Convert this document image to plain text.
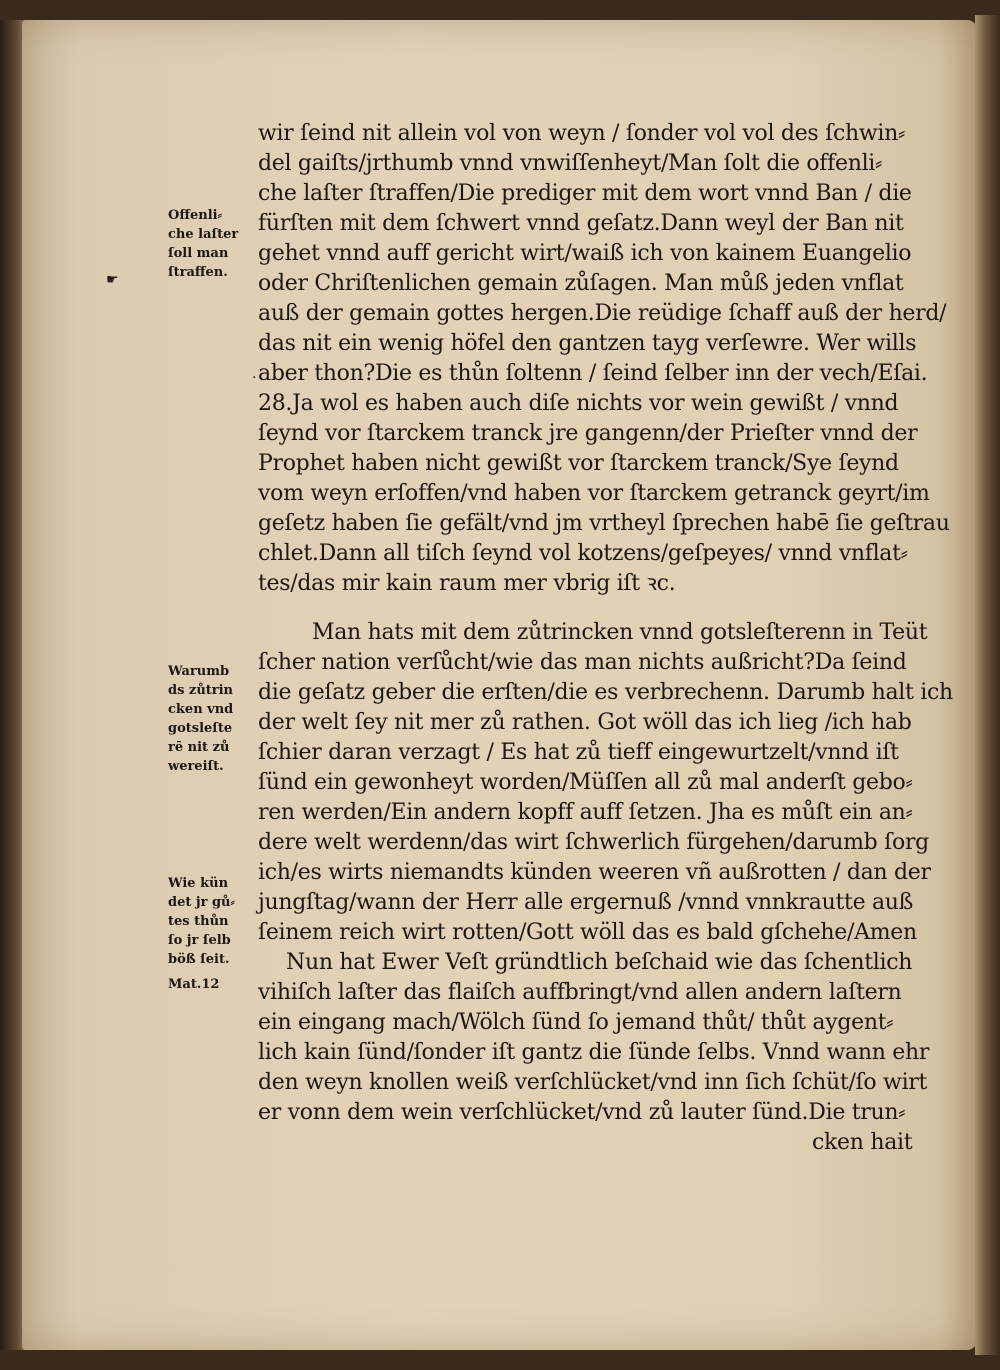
wir ſeind nit allein vol von weyn / ſonder vol vol des ſchwin⸗
del gaiſts/jrthumb vnnd vnwiſſenheyt/Man ſolt die offenli⸗
che laſter ſtraffen/Die prediger mit dem wort vnnd Ban / die
fürſten mit dem ſchwert vnnd geſatz.Dann weyl der Ban nit
gehet vnnd auff gericht wirt/waiß ich von kainem Euangelio
oder Chriſtenlichen gemain zůſagen. Man můß jeden vnflat
auß der gemain gottes hergen.Die reüdige ſchaff auß der herd/
das nit ein wenig höfel den gantzen tayg verſewre. Wer wills
aber thon?Die es thůn ſoltenn / ſeind ſelber inn der vech/Eſai.
28.Ja wol es haben auch diſe nichts vor wein gewißt / vnnd
ſeynd vor ſtarckem tranck jre gangenn/der Prieſter vnnd der
Prophet haben nicht gewißt vor ſtarckem tranck/Sye ſeynd
vom weyn erſoffen/vnd haben vor ſtarckem getranck geyrt/im
geſetz haben ſie gefält/vnd jm vrtheyl ſprechen habē ſie geſtrau
chlet.Dann all tiſch ſeynd vol kotzens/geſpeyes/ vnnd vnflat⸗
tes/das mir kain raum mer vbrig iſt ꝛc.
Man hats mit dem zůtrincken vnnd gotsleſterenn in Teüt
ſcher nation verſůcht/wie das man nichts außricht?Da ſeind
die geſatz geber die erſten/die es verbrechenn. Darumb halt ich
der welt ſey nit mer zů rathen. Got wöll das ich lieg /ich hab
ſchier daran verzagt / Es hat zů tieff eingewurtzelt/vnnd iſt
ſünd ein gewonheyt worden/Müſſen all zů mal anderſt gebo⸗
ren werden/Ein andern kopff auff ſetzen. Jha es můſt ein an⸗
dere welt werdenn/das wirt ſchwerlich fürgehen/darumb ſorg
ich/es wirts niemandts künden weeren vñ außrotten / dan der
jungſtag/wann der Herr alle ergernuß /vnnd vnnkrautte auß
ſeinem reich wirt rotten/Gott wöll das es bald gſchehe/Amen
Nun hat Ewer Veſt gründtlich beſchaid wie das ſchentlich
vihiſch laſter das flaiſch auffbringt/vnd allen andern laſtern
ein eingang mach/Wölch ſünd ſo jemand thůt/ thůt aygent⸗
lich kain ſünd/ſonder iſt gantz die ſünde ſelbs. Vnnd wann ehr
den weyn knollen weiß verſchlücket/vnd inn ſich ſchüt/ſo wirt
er vonn dem wein verſchlücket/vnd zů lauter ſünd.Die trun⸗
cken hait
Offenli⸗
che laſter
ſoll man
ſtraffen.
Warumb
ds zůtrin
cken vnd
gotsleſte
rē nit zů
wereiſt.
Wie kün
det jr gů⸗
tes thůn
ſo jr ſelb
böß ſeit.
Mat.12
☛
·
